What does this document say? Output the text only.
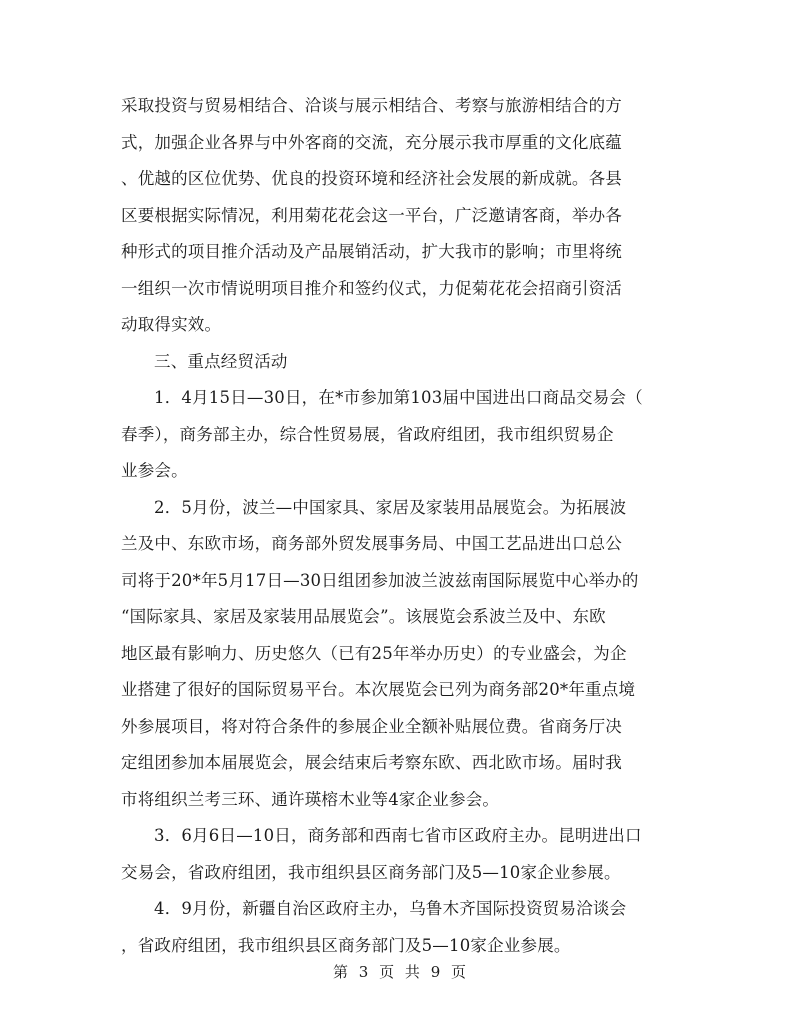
采取投资与贸易相结合、洽谈与展示相结合、考察与旅游相结合的方
式，加强企业各界与中外客商的交流，充分展示我市厚重的文化底蕴
、优越的区位优势、优良的投资环境和经济社会发展的新成就。各县
区要根据实际情况，利用菊花花会这一平台，广泛邀请客商，举办各
种形式的项目推介活动及产品展销活动，扩大我市的影响；市里将统
一组织一次市情说明项目推介和签约仪式，力促菊花花会招商引资活
动取得实效。
三、重点经贸活动
1．4月15日—30日，在*市参加第103届中国进出口商品交易会（
春季），商务部主办，综合性贸易展，省政府组团，我市组织贸易企
业参会。
2．5月份，波兰—中国家具、家居及家装用品展览会。为拓展波
兰及中、东欧市场，商务部外贸发展事务局、中国工艺品进出口总公
司将于20*年5月17日—30日组团参加波兰波兹南国际展览中心举办的
“国际家具、家居及家装用品展览会”。该展览会系波兰及中、东欧
地区最有影响力、历史悠久（已有25年举办历史）的专业盛会，为企
业搭建了很好的国际贸易平台。本次展览会已列为商务部20*年重点境
外参展项目，将对符合条件的参展企业全额补贴展位费。省商务厅决
定组团参加本届展览会，展会结束后考察东欧、西北欧市场。届时我
市将组织兰考三环、通许瑛榕木业等4家企业参会。
3．6月6日—10日，商务部和西南七省市区政府主办。昆明进出口
交易会，省政府组团，我市组织县区商务部门及5—10家企业参展。
4．9月份，新疆自治区政府主办，乌鲁木齐国际投资贸易洽谈会
，省政府组团，我市组织县区商务部门及5—10家企业参展。
第 3 页 共 9 页
